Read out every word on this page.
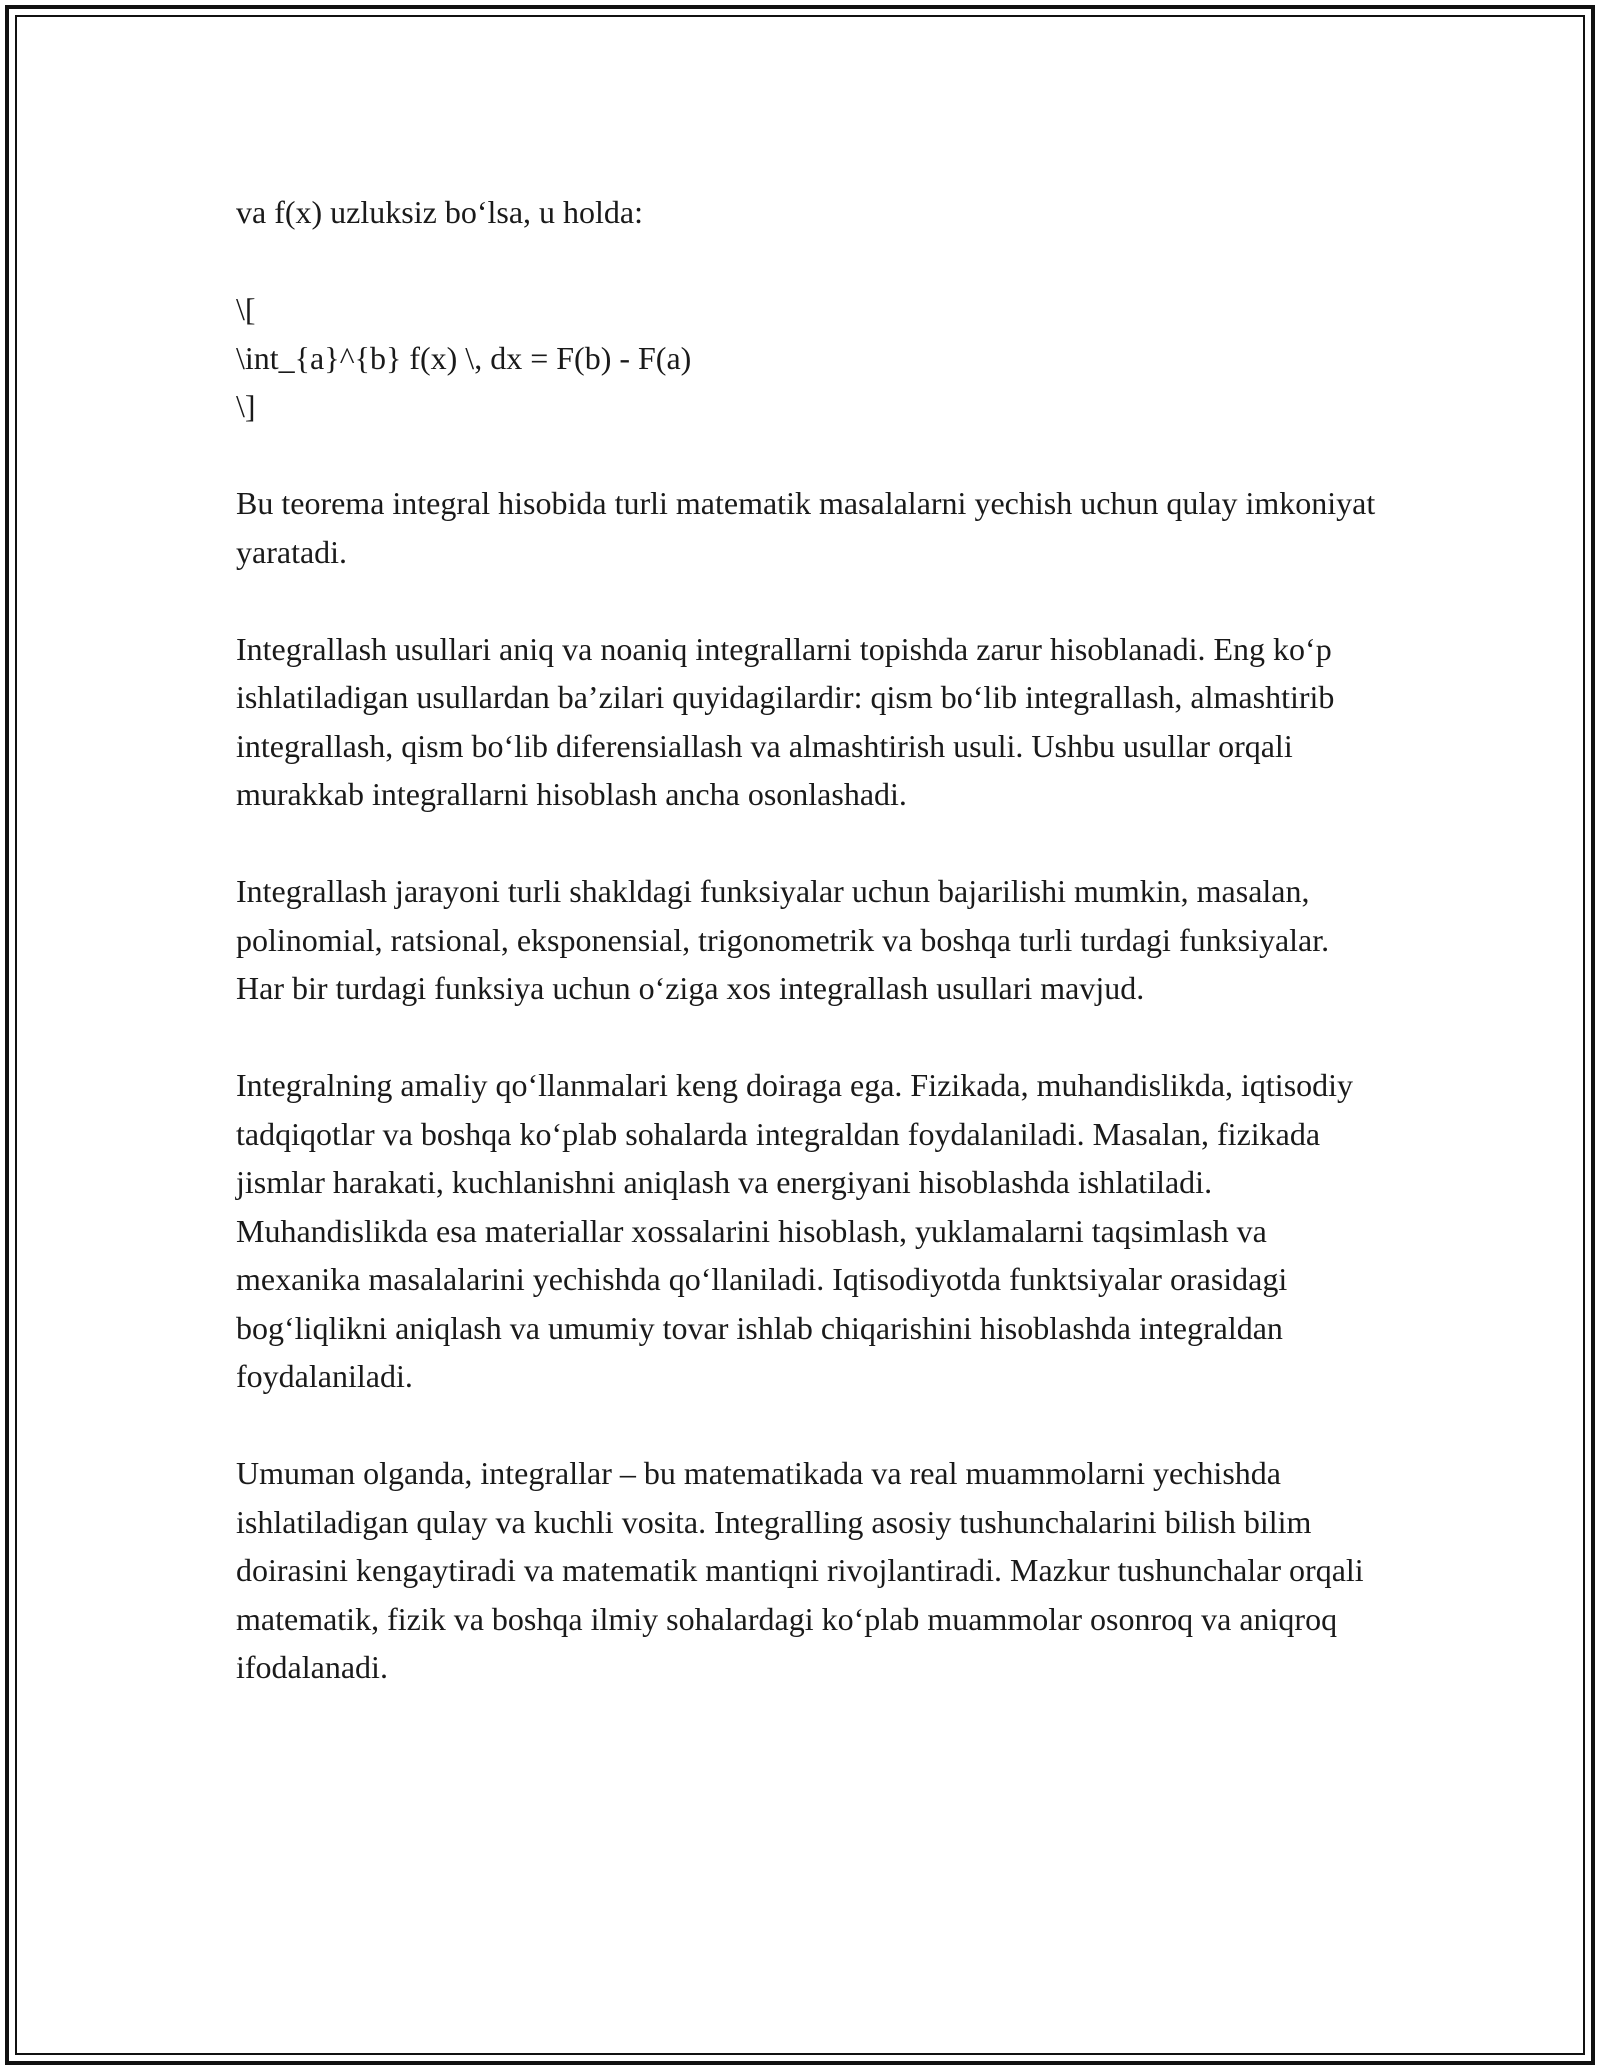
va f(x) uzluksiz bo‘lsa, u holda:

\[

\int_{a}^{b} f(x) \, dx = F(b) - F(a)

\]

Bu teorema integral hisobida turli matematik masalalarni yechish uchun qulay imkoniyat yaratadi.

Integrallash usullari aniq va noaniq integrallarni topishda zarur hisoblanadi. Eng ko‘p ishlatiladigan usullardan ba’zilari quyidagilardir: qism bo‘lib integrallash, almashtirib integrallash, qism bo‘lib diferensiallash va almashtirish usuli. Ushbu usullar orqali murakkab integrallarni hisoblash ancha osonlashadi.

Integrallash jarayoni turli shakldagi funksiyalar uchun bajarilishi mumkin, masalan, polinomial, ratsional, eksponensial, trigonometrik va boshqa turli turdagi funksiyalar. Har bir turdagi funksiya uchun o‘ziga xos integrallash usullari mavjud.

Integralning amaliy qo‘llanmalari keng doiraga ega. Fizikada, muhandislikda, iqtisodiy tadqiqotlar va boshqa ko‘plab sohalarda integraldan foydalaniladi. Masalan, fizikada jismlar harakati, kuchlanishni aniqlash va energiyani hisoblashda ishlatiladi. Muhandislikda esa materiallar xossalarini hisoblash, yuklamalarni taqsimlash va mexanika masalalarini yechishda qo‘llaniladi. Iqtisodiyotda funktsiyalar orasidagi bog‘liqlikni aniqlash va umumiy tovar ishlab chiqarishini hisoblashda integraldan foydalaniladi.

Umuman olganda, integrallar – bu matematikada va real muammolarni yechishda ishlatiladigan qulay va kuchli vosita. Integralling asosiy tushunchalarini bilish bilim doirasini kengaytiradi va matematik mantiqni rivojlantiradi. Mazkur tushunchalar orqali matematik, fizik va boshqa ilmiy sohalardagi ko‘plab muammolar osonroq va aniqroq ifodalanadi.
